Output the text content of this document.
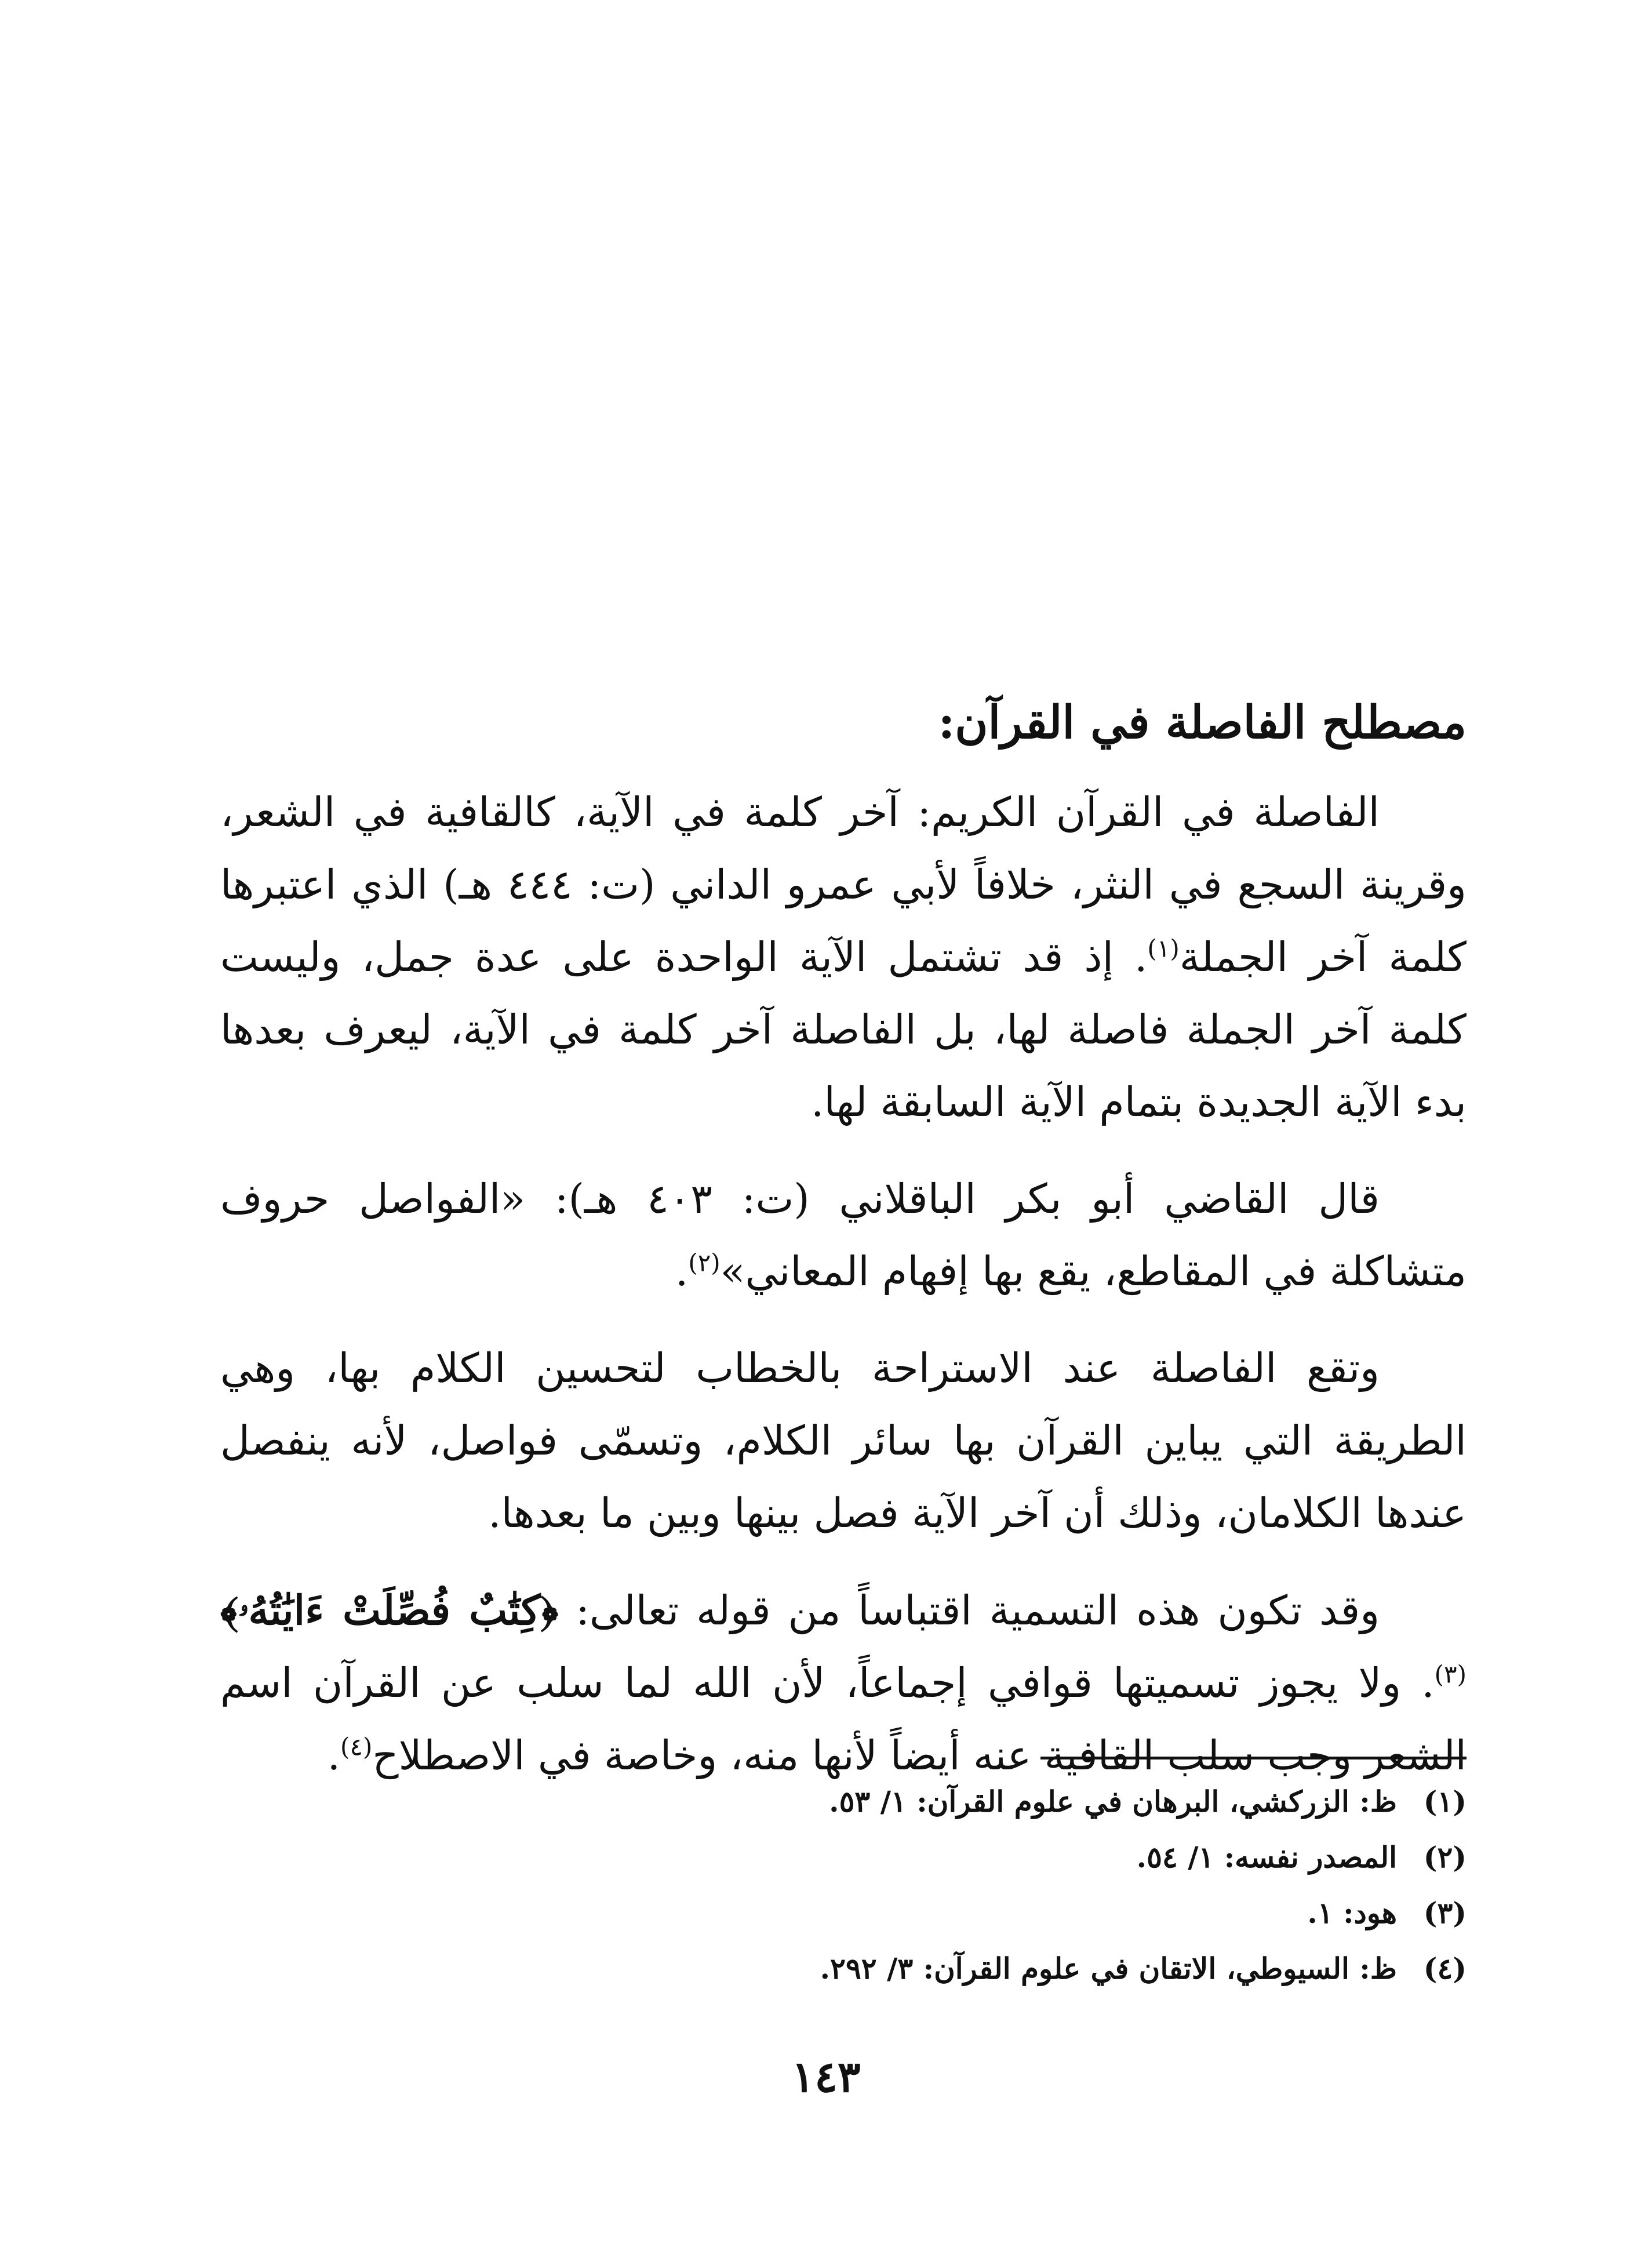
مصطلح الفاصلة في القرآن:

الفاصلة في القرآن الكريم: آخر كلمة في الآية، كالقافية في الشعر، وقرينة السجع في النثر، خلافاً لأبي عمرو الداني (ت: ٤٤٤ هـ) الذي اعتبرها كلمة آخر الجملة$^{(١)}$. إذ قد تشتمل الآية الواحدة على عدة جمل، وليست كلمة آخر الجملة فاصلة لها، بل الفاصلة آخر كلمة في الآية، ليعرف بعدها بدء الآية الجديدة بتمام الآية السابقة لها.

قال القاضي أبو بكر الباقلاني (ت: ٤٠٣ هـ): «الفواصل حروف متشاكلة في المقاطع، يقع بها إفهام المعاني»$^{(٢)}$.

وتقع الفاصلة عند الاستراحة بالخطاب لتحسين الكلام بها، وهي الطريقة التي يباين القرآن بها سائر الكلام، وتسمّى فواصل، لأنه ينفصل عندها الكلامان، وذلك أن آخر الآية فصل بينها وبين ما بعدها.

وقد تكون هذه التسمية اقتباساً من قوله تعالى: ﴿كِتَٰبٌ فُصِّلَتْ ءَايَٰتُهُۥ﴾$^{(٣)}$. ولا يجوز تسميتها قوافي إجماعاً، لأن الله لما سلب عن القرآن اسم الشعر وجب سلب القافية عنه أيضاً لأنها منه، وخاصة في الاصطلاح$^{(٤)}$.

(١)ظ: الزركشي، البرهان في علوم القرآن: ١/ ٥٣.
(٢)المصدر نفسه: ١/ ٥٤.
(٣)هود: ١.
(٤)ظ: السيوطي، الاتقان في علوم القرآن: ٣/ ٢٩٢.
١٤٣
